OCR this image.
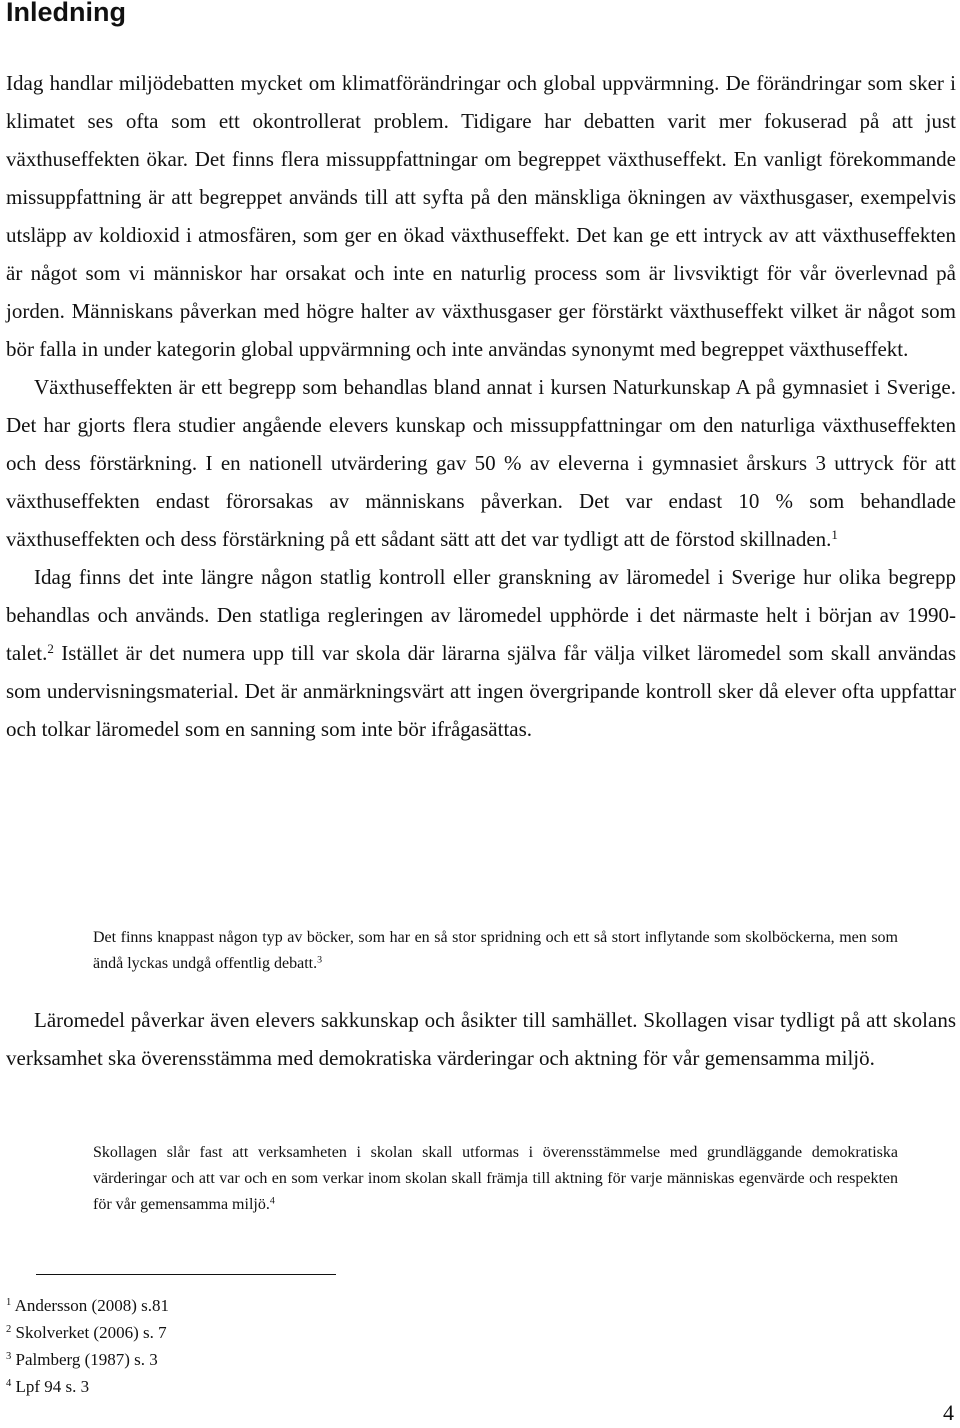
Inledning

Idag handlar miljödebatten mycket om klimatförändringar och global uppvärmning. De förändringar som sker i klimatet ses ofta som ett okontrollerat problem. Tidigare har debatten varit mer fokuserad på att just växthuseffekten ökar. Det finns flera missuppfattningar om begreppet växthuseffekt. En vanligt förekommande missuppfattning är att begreppet används till att syfta på den mänskliga ökningen av växthusgaser, exempelvis utsläpp av koldioxid i atmosfären, som ger en ökad växthuseffekt. Det kan ge ett intryck av att växthuseffekten är något som vi människor har orsakat och inte en naturlig process som är livsviktigt för vår överlevnad på jorden. Människans påverkan med högre halter av växthusgaser ger förstärkt växthuseffekt vilket är något som bör falla in under kategorin global uppvärmning och inte användas synonymt med begreppet växthuseffekt.

Växthuseffekten är ett begrepp som behandlas bland annat i kursen Naturkunskap A på gymnasiet i Sverige. Det har gjorts flera studier angående elevers kunskap och missuppfattningar om den naturliga växthuseffekten och dess förstärkning. I en nationell utvärdering gav 50 % av eleverna i gymnasiet årskurs 3 uttryck för att växthuseffekten endast förorsakas av människans påverkan. Det var endast 10 % som behandlade växthuseffekten och dess förstärkning på ett sådant sätt att det var tydligt att de förstod skillnaden.$^1$

Idag finns det inte längre någon statlig kontroll eller granskning av läromedel i Sverige hur olika begrepp behandlas och används. Den statliga regleringen av läromedel upphörde i det närmaste helt i början av 1990-talet.$^2$ Istället är det numera upp till var skola där lärarna själva får välja vilket läromedel som skall användas som undervisningsmaterial. Det är anmärkningsvärt att ingen övergripande kontroll sker då elever ofta uppfattar och tolkar läromedel som en sanning som inte bör ifrågasättas.

Det finns knappast någon typ av böcker, som har en så stor spridning och ett så stort inflytande som skolböckerna, men som ändå lyckas undgå offentlig debatt.$^3$

Läromedel påverkar även elevers sakkunskap och åsikter till samhället. Skollagen visar tydligt på att skolans verksamhet ska överensstämma med demokratiska värderingar och aktning för vår gemensamma miljö.

Skollagen slår fast att verksamheten i skolan skall utformas i överensstämmelse med grundläggande demokratiska värderingar och att var och en som verkar inom skolan skall främja till aktning för varje människas egenvärde och respekten för vår gemensamma miljö.$^4$

$^1$ Andersson (2008) s.81
$^2$ Skolverket (2006) s. 7
$^3$ Palmberg (1987) s. 3
$^4$ Lpf 94 s. 3
4
